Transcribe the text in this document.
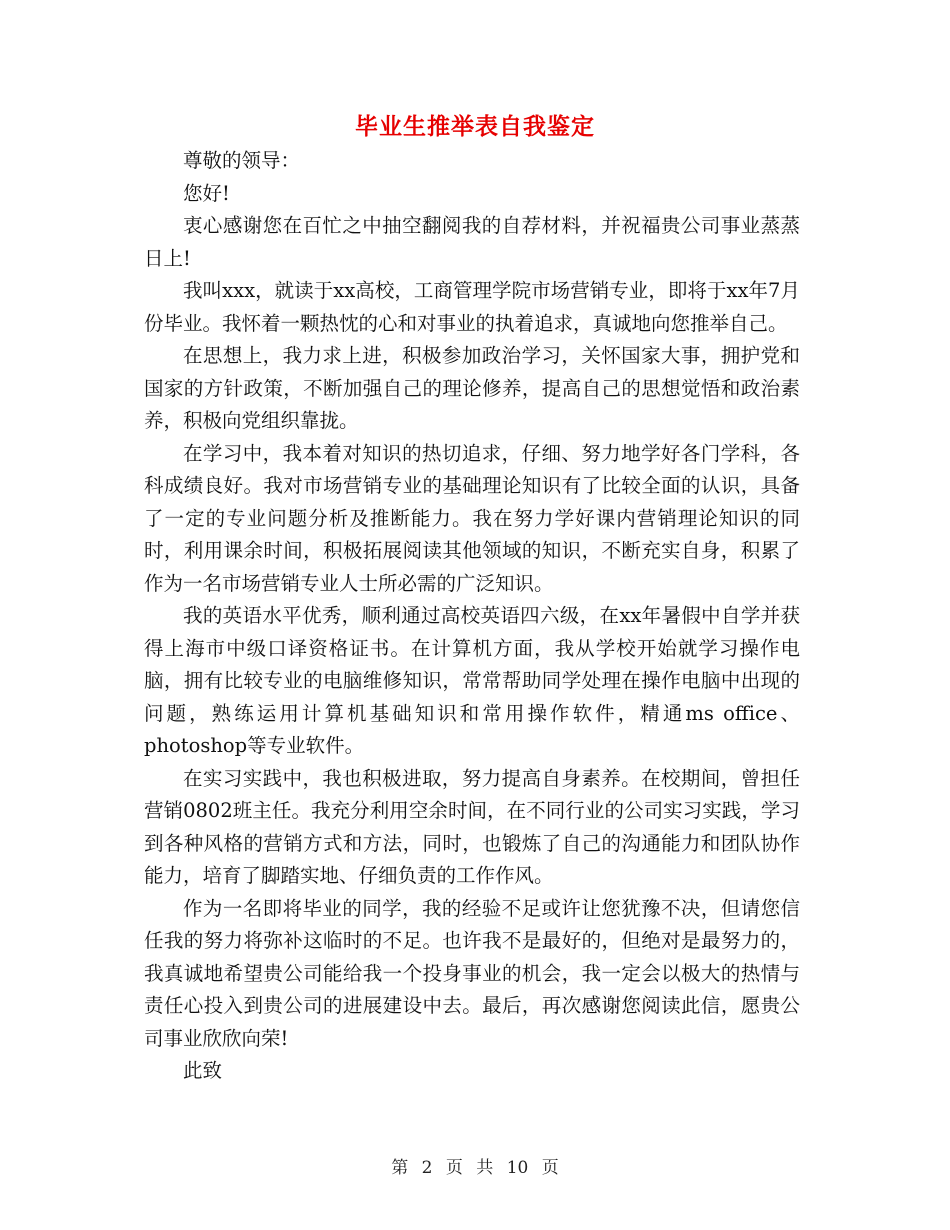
毕业生推举表自我鉴定

尊敬的领导：

您好!

衷心感谢您在百忙之中抽空翻阅我的自荐材料，并祝福贵公司事业蒸蒸日上!

我叫xxx，就读于xx高校，工商管理学院市场营销专业，即将于xx年7月份毕业。我怀着一颗热忱的心和对事业的执着追求，真诚地向您推举自己。

在思想上，我力求上进，积极参加政治学习，关怀国家大事，拥护党和国家的方针政策，不断加强自己的理论修养，提高自己的思想觉悟和政治素养，积极向党组织靠拢。

在学习中，我本着对知识的热切追求，仔细、努力地学好各门学科，各科成绩良好。我对市场营销专业的基础理论知识有了比较全面的认识，具备了一定的专业问题分析及推断能力。我在努力学好课内营销理论知识的同时，利用课余时间，积极拓展阅读其他领域的知识，不断充实自身，积累了作为一名市场营销专业人士所必需的广泛知识。

我的英语水平优秀，顺利通过高校英语四六级，在xx年暑假中自学并获得上海市中级口译资格证书。在计算机方面，我从学校开始就学习操作电脑，拥有比较专业的电脑维修知识，常常帮助同学处理在操作电脑中出现的问题，熟练运用计算机基础知识和常用操作软件，精通ms office、photoshop等专业软件。

在实习实践中，我也积极进取，努力提高自身素养。在校期间，曾担任营销0802班主任。我充分利用空余时间，在不同行业的公司实习实践，学习到各种风格的营销方式和方法，同时，也锻炼了自己的沟通能力和团队协作能力，培育了脚踏实地、仔细负责的工作作风。

作为一名即将毕业的同学，我的经验不足或许让您犹豫不决，但请您信任我的努力将弥补这临时的不足。也许我不是最好的，但绝对是最努力的，我真诚地希望贵公司能给我一个投身事业的机会，我一定会以极大的热情与责任心投入到贵公司的进展建设中去。最后，再次感谢您阅读此信，愿贵公司事业欣欣向荣!

此致

第 2 页 共 10 页
